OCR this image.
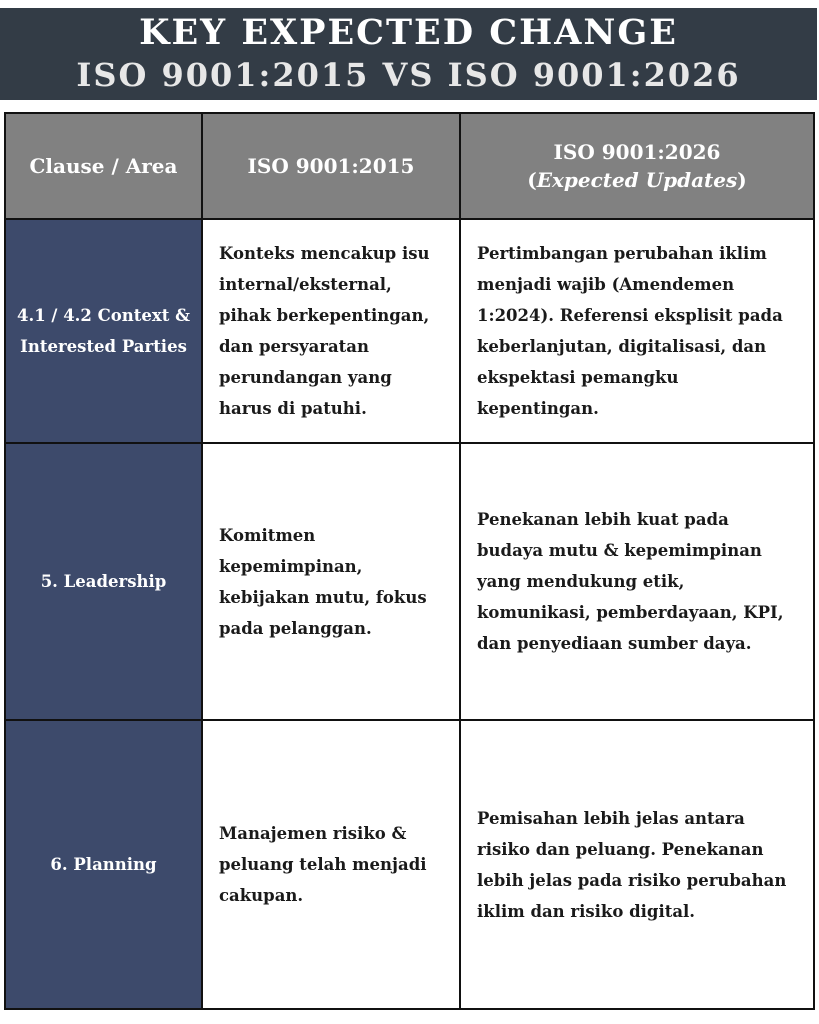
KEY EXPECTED CHANGE
ISO 9001:2015 VS ISO 9001:2026
Clause / Area	ISO 9001:2015
ISO 9001:2026
(Expected Updates)
4.1 / 4.2 Context & Interested Parties
Konteks mencakup isu internal/eksternal, pihak berkepentingan, dan persyaratan perundangan yang harus di patuhi.
Pertimbangan perubahan iklim menjadi wajib (Amendemen 1:2024). Referensi eksplisit pada keberlanjutan, digitalisasi, dan ekspektasi pemangku kepentingan.
5. Leadership
Komitmen kepemimpinan, kebijakan mutu, fokus pada pelanggan.
Penekanan lebih kuat pada budaya mutu & kepemimpinan yang mendukung etik, komunikasi, pemberdayaan, KPI, dan penyediaan sumber daya.
6. Planning
Manajemen risiko & peluang telah menjadi cakupan.
Pemisahan lebih jelas antara risiko dan peluang. Penekanan lebih jelas pada risiko perubahan iklim dan risiko digital.
